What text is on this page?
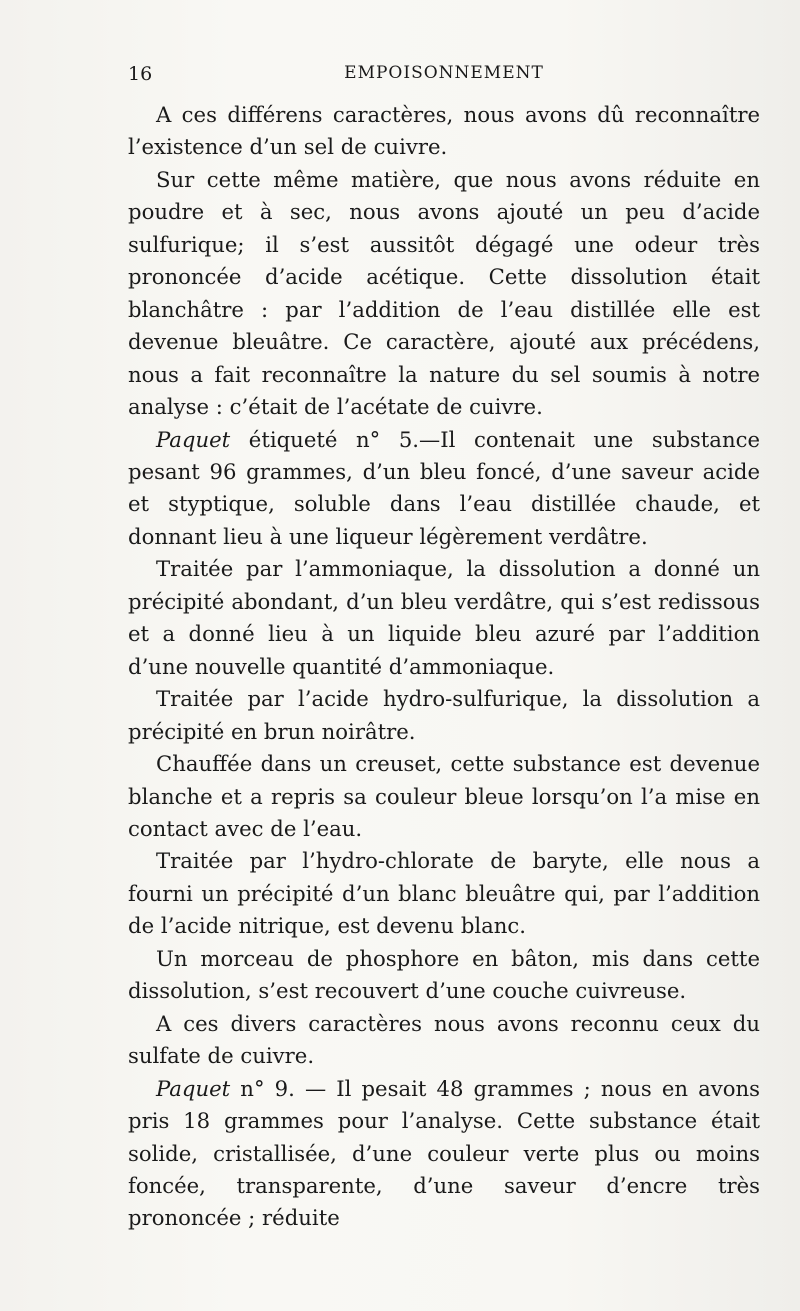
16	EMPOISONNEMENT

A ces différens caractères, nous avons dû reconnaître l’existence d’un sel de cuivre.

Sur cette même matière, que nous avons réduite en poudre et à sec, nous avons ajouté un peu d’acide sulfurique; il s’est aussitôt dégagé une odeur très prononcée d’acide acétique. Cette dissolution était blanchâtre : par l’addition de l’eau distillée elle est devenue bleuâtre. Ce caractère, ajouté aux précédens, nous a fait reconnaître la nature du sel soumis à notre analyse : c’était de l’acétate de cuivre.

Paquet étiqueté n° 5.—Il contenait une substance pesant 96 grammes, d’un bleu foncé, d’une saveur acide et styptique, soluble dans l’eau distillée chaude, et donnant lieu à une liqueur légèrement verdâtre.

Traitée par l’ammoniaque, la dissolution a donné un précipité abondant, d’un bleu verdâtre, qui s’est redissous et a donné lieu à un liquide bleu azuré par l’addition d’une nouvelle quantité d’ammoniaque.

Traitée par l’acide hydro-sulfurique, la dissolution a précipité en brun noirâtre.

Chauffée dans un creuset, cette substance est devenue blanche et a repris sa couleur bleue lorsqu’on l’a mise en contact avec de l’eau.

Traitée par l’hydro-chlorate de baryte, elle nous a fourni un précipité d’un blanc bleuâtre qui, par l’addition de l’acide nitrique, est devenu blanc.

Un morceau de phosphore en bâton, mis dans cette dissolution, s’est recouvert d’une couche cuivreuse.

A ces divers caractères nous avons reconnu ceux du sulfate de cuivre.

Paquet n° 9. — Il pesait 48 grammes ; nous en avons pris 18 grammes pour l’analyse. Cette substance était solide, cristallisée, d’une couleur verte plus ou moins foncée, transparente, d’une saveur d’encre très prononcée ; réduite
